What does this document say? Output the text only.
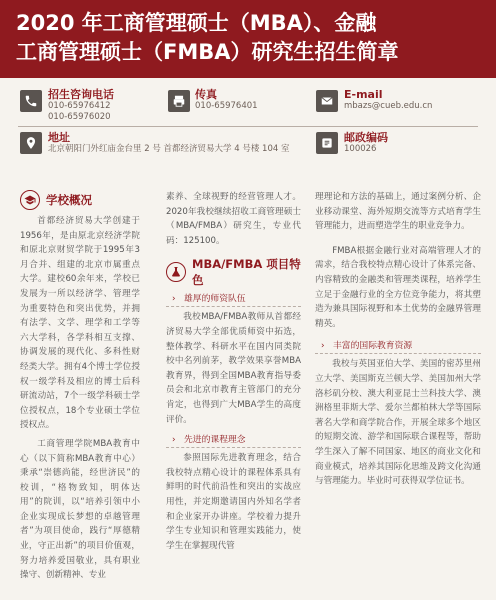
2020 年工商管理硕士（MBA）、金融
工商管理硕士（FMBA）研究生招生简章
招生咨询电话
010-65976412
010-65976020
传真
010-65976401
E-mail
mbazs@cueb.edu.cn
地址
北京朝阳门外红庙金台里 2 号 首都经济贸易大学 4 号楼 104 室
邮政编码
100026
学校概况

首都经济贸易大学创建于1956年，是由原北京经济学院和原北京财贸学院于1995年3月合并、组建的北京市属重点大学。建校60余年来，学校已发展为一所以经济学、管理学为重要特色和突出优势，并拥有法学、文学、理学和工学等六大学科，各学科相互支撑、协调发展的现代化、多科性财经类大学。拥有4个博士学位授权一级学科及相应的博士后科研流动站，7个一级学科硕士学位授权点，18个专业硕士学位授权点。

工商管理学院MBA教育中心（以下简称MBA教育中心）秉承“崇德尚能，经世济民”的校训，“格物致知，明体达用”的院训，以“培养引领中小企业实现成长梦想的卓越管理者”为项目使命，践行“厚德精业，守正出新”的项目价值观，努力培养爱国敬业，具有职业操守、创新精神、专业

素养、全球视野的经营管理人才。2020年我校继续招收工商管理硕士（MBA/FMBA）研究生，专业代码：125100。

MBA/FMBA 项目特色
› 雄厚的师资队伍

我校MBA/FMBA教师从首都经济贸易大学全部优质师资中拓选，整体教学、科研水平在国内同类院校中名列前茅，教学效果享誉MBA教育界，得到全国MBA教育指导委员会和北京市教育主管部门的充分肯定，也得到广大MBA学生的高度评价。

› 先进的课程理念

参照国际先进教育理念，结合我校特点精心设计的课程体系具有鲜明的时代前沿性和突出的实战应用性，并定期邀请国内外知名学者和企业家开办讲座。学校着力提升学生专业知识和管理实践能力，使学生在掌握现代管

理理论和方法的基础上，通过案例分析、企业移动课堂、海外短期交流等方式培育学生管理能力，进而塑造学生的职业竞争力。

FMBA根据金融行业对高端管理人才的需求，结合我校特点精心设计了体系完备、内容精致的金融类和管理类课程，培养学生立足于金融行业的全方位竞争能力，将其塑造为兼具国际视野和本土优势的金融界管理精英。

› 丰富的国际教育资源

我校与英国亚伯大学、美国的密苏里州立大学、美国斯克兰顿大学、美国加州大学洛杉矶分校、澳大利亚昆士兰科技大学、澳洲格里菲斯大学、爱尔兰都柏林大学等国际著名大学和商学院合作，开展全球多个地区的短期交流、游学和国际联合课程等，帮助学生深入了解不同国家、地区的商业文化和商业模式，培养其国际化思维及跨文化沟通与管理能力。毕业时可获得双学位证书。
